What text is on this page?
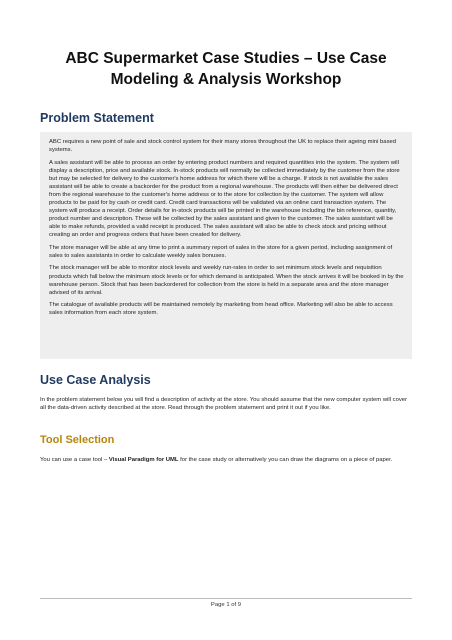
ABC Supermarket Case Studies – Use Case
Modeling & Analysis Workshop
Problem Statement

ABC requires a new point of sale and stock control system for their many stores throughout the UK to replace their ageing mini based systems.

A sales assistant will be able to process an order by entering product numbers and required quantities into the system. The system will display a description, price and available stock. In-stock products will normally be collected immediately by the customer from the store but may be selected for delivery to the customer's home address for which there will be a charge. If stock is not available the sales assistant will be able to create a backorder for the product from a regional warehouse. The products will then either be delivered direct from the regional warehouse to the customer's home address or to the store for collection by the customer. The system will allow products to be paid for by cash or credit card. Credit card transactions will be validated via an online card transaction system. The system will produce a receipt. Order details for in-stock products will be printed in the warehouse including the bin reference, quantity, product number and description. These will be collected by the sales assistant and given to the customer. The sales assistant will be able to make refunds, provided a valid receipt is produced. The sales assistant will also be able to check stock and pricing without creating an order and progress orders that have been created for delivery.

The store manager will be able at any time to print a summary report of sales in the store for a given period, including assignment of sales to sales assistants in order to calculate weekly sales bonuses.

The stock manager will be able to monitor stock levels and weekly run-rates in order to set minimum stock levels and requisition products which fall below the minimum stock levels or for which demand is anticipated. When the stock arrives it will be booked in by the warehouse person. Stock that has been backordered for collection from the store is held in a separate area and the store manager advised of its arrival.

The catalogue of available products will be maintained remotely by marketing from head office. Marketing will also be able to access sales information from each store system.

Use Case Analysis

In the problem statement below you will find a description of activity at the store. You should assume that the new computer system will cover all the data-driven activity described at the store. Read through the problem statement and print it out if you like.

Tool Selection

You can use a case tool – Visual Paradigm for UML for the case study or alternatively you can draw the diagrams on a piece of paper.

Page 1 of 9
